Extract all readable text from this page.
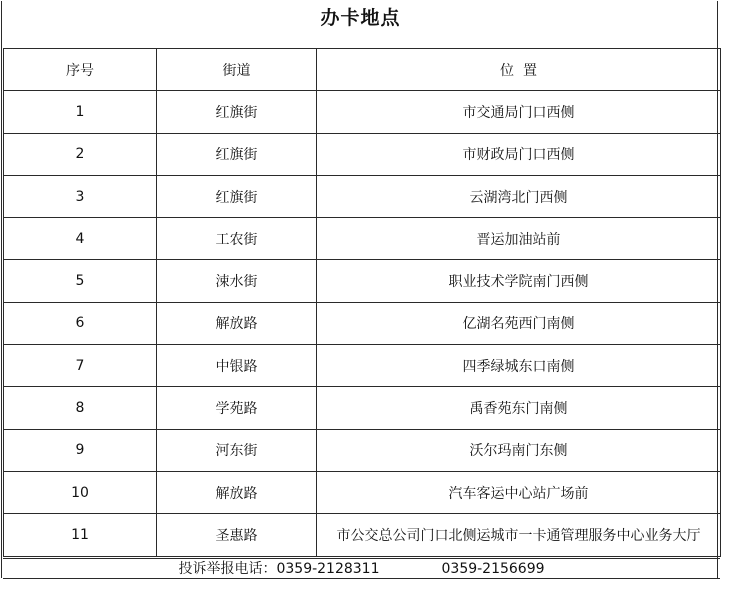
办卡地点
序号	街道	位  置
1	红旗街	市交通局门口西侧
2	红旗街	市财政局门口西侧
3	红旗街	云湖湾北门西侧
4	工农街	晋运加油站前
5	涑水街	职业技术学院南门西侧
6	解放路	亿湖名苑西门南侧
7	中银路	四季绿城东口南侧
8	学苑路	禹香苑东门南侧
9	河东街	沃尔玛南门东侧
10	解放路	汽车客运中心站广场前
11	圣惠路	市公交总公司门口北侧运城市一卡通管理服务中心业务大厅
投诉举报电话：0359-2128311	0359-2156699
